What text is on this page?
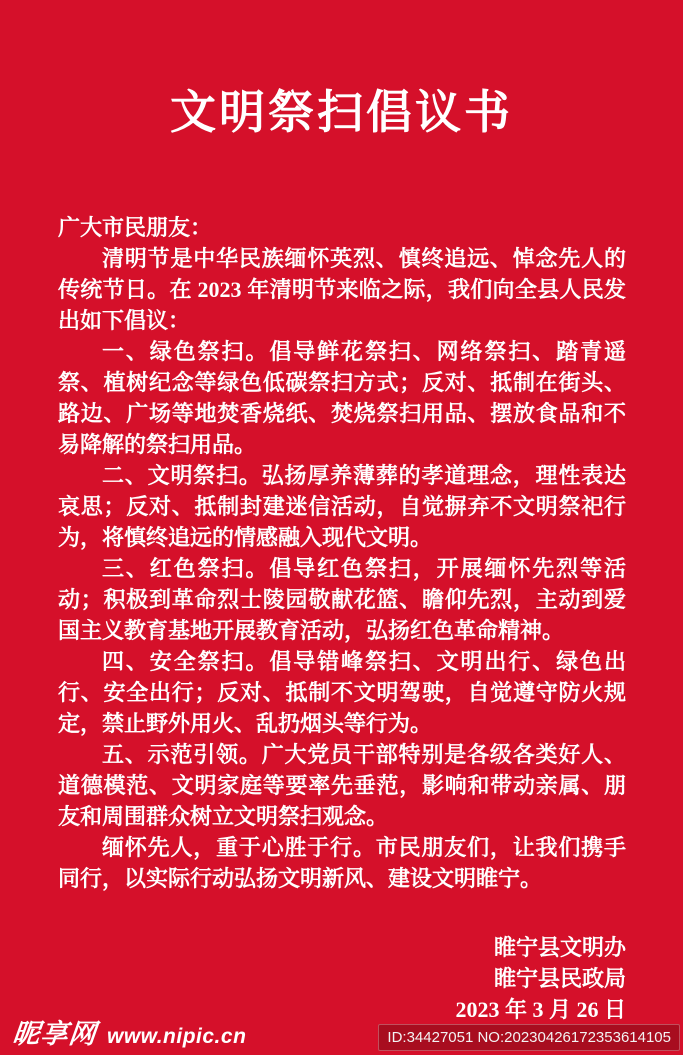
文明祭扫倡议书

广大市民朋友：

清明节是中华民族缅怀英烈、慎终追远、悼念先人的传统节日。在 2023 年清明节来临之际，我们向全县人民发出如下倡议：

一、绿色祭扫。倡导鲜花祭扫、网络祭扫、踏青遥祭、植树纪念等绿色低碳祭扫方式；反对、抵制在街头、路边、广场等地焚香烧纸、焚烧祭扫用品、摆放食品和不易降解的祭扫用品。

二、文明祭扫。弘扬厚养薄葬的孝道理念，理性表达哀思；反对、抵制封建迷信活动，自觉摒弃不文明祭祀行为，将慎终追远的情感融入现代文明。

三、红色祭扫。倡导红色祭扫，开展缅怀先烈等活动；积极到革命烈士陵园敬献花篮、瞻仰先烈，主动到爱国主义教育基地开展教育活动，弘扬红色革命精神。

四、安全祭扫。倡导错峰祭扫、文明出行、绿色出行、安全出行；反对、抵制不文明驾驶，自觉遵守防火规定，禁止野外用火、乱扔烟头等行为。

五、示范引领。广大党员干部特别是各级各类好人、道德模范、文明家庭等要率先垂范，影响和带动亲属、朋友和周围群众树立文明祭扫观念。

缅怀先人，重于心胜于行。市民朋友们，让我们携手同行，以实际行动弘扬文明新风、建设文明睢宁。

睢宁县文明办
睢宁县民政局
2023 年 3 月 26 日
昵享网 www.nipic.cn	ID:34427051 NO:20230426172353614105
